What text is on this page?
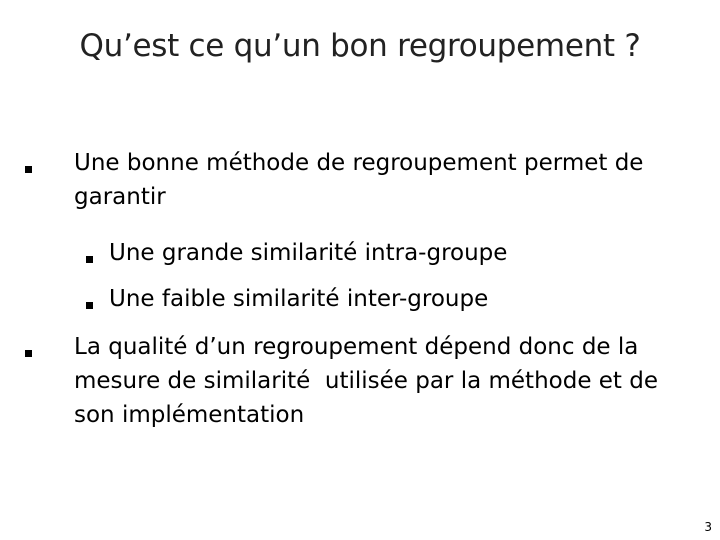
Qu’est ce qu’un bon regroupement ?
Une bonne méthode de regroupement permet de garantir
Une grande similarité intra-groupe
Une faible similarité inter-groupe
La qualité d’un regroupement dépend donc de la mesure de similarité  utilisée par la méthode et de son implémentation
3
